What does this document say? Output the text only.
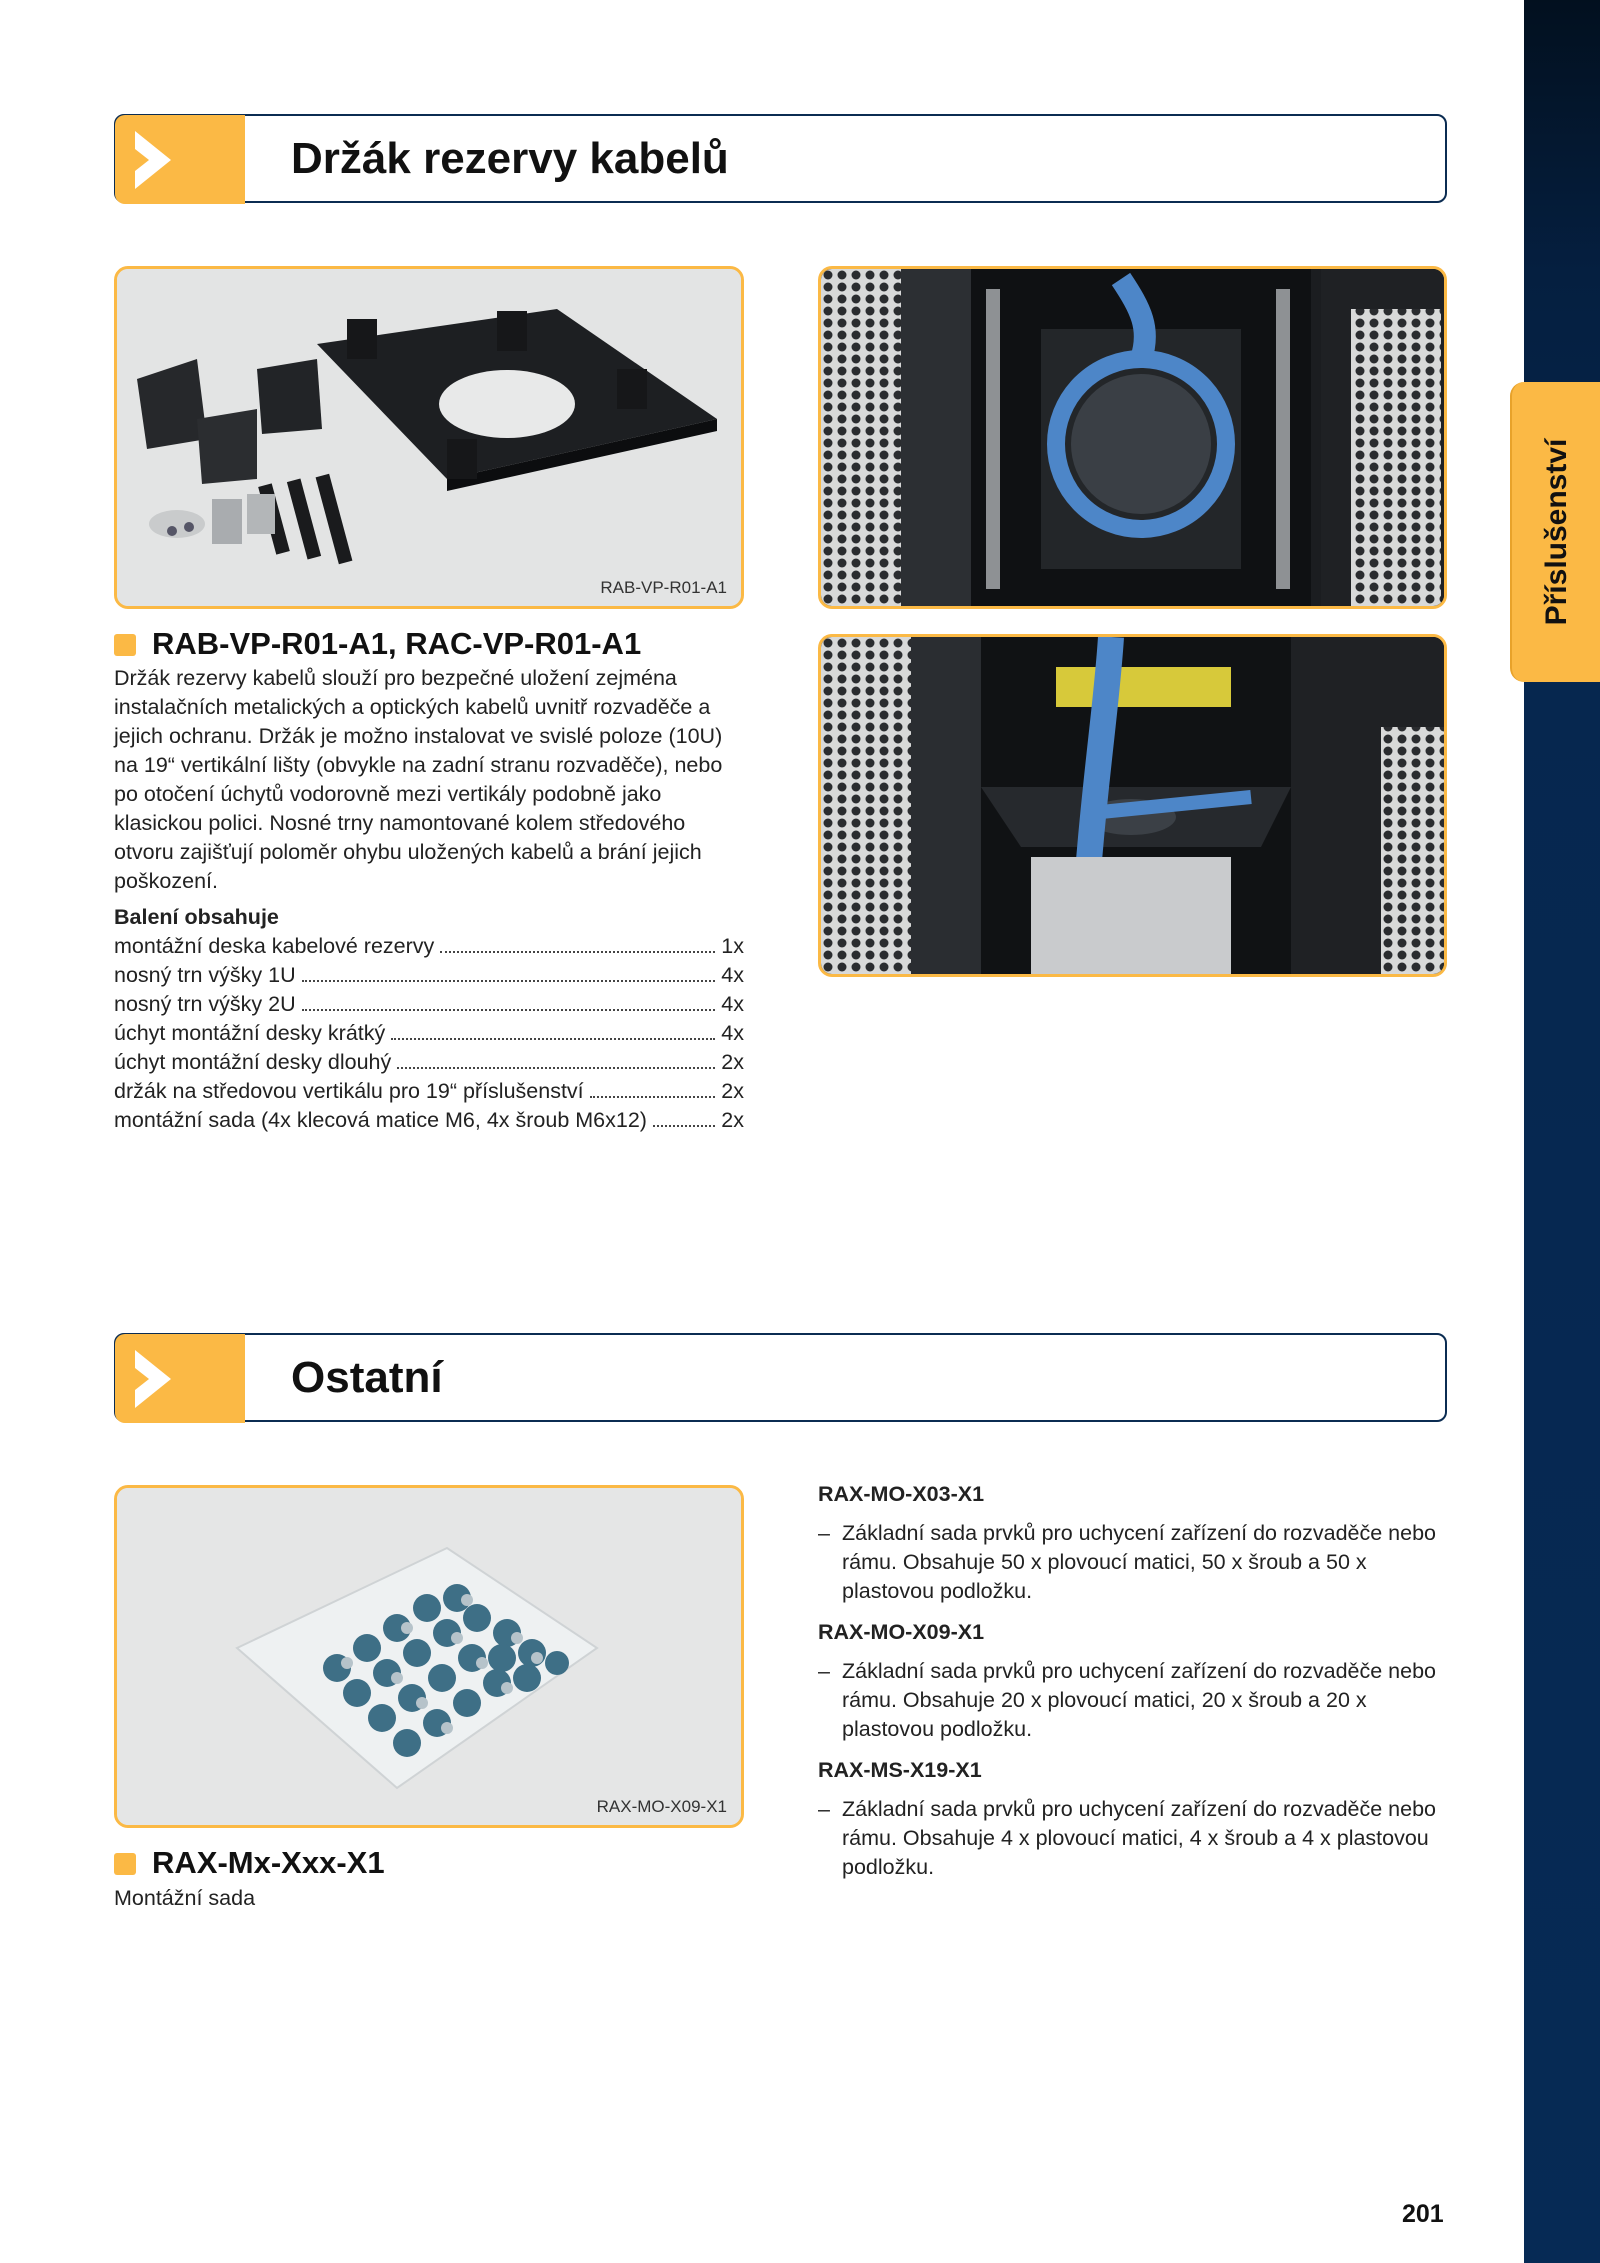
Příslušenství
Držák rezervy kabelů
RAB-VP-R01-A1
RAB-VP-R01-A1, RAC-VP-R01-A1
Držák rezervy kabelů slouží pro bezpečné uložení zejména instalačních metalických a optických kabelů uvnitř rozvaděče a jejich ochranu. Držák je možno instalovat ve svislé poloze (10U) na 19“ vertikální lišty (obvykle na zadní stranu rozvaděče), nebo po otočení úchytů vodorovně mezi vertikály podobně jako klasickou polici. Nosné trny namontované kolem středového otvoru zajišťují poloměr ohybu uložených kabelů a brání jejich poškození.
Balení obsahuje
montážní deska kabelové rezervy	1x
nosný trn výšky 1U	4x
nosný trn výšky 2U	4x
úchyt montážní desky krátký	4x
úchyt montážní desky dlouhý	2x
držák na středovou vertikálu pro 19“ příslušenství	2x
montážní sada (4x klecová matice M6, 4x šroub M6x12)	2x
Ostatní
RAX-MO-X09-X1
RAX-Mx-Xxx-X1
Montážní sada
RAX-MO-X03-X1
– Základní sada prvků pro uchycení zařízení do rozvaděče nebo rámu. Obsahuje 50 x plovoucí matici, 50 x šroub a 50 x plastovou podložku.
RAX-MO-X09-X1
– Základní sada prvků pro uchycení zařízení do rozvaděče nebo rámu. Obsahuje 20 x plovoucí matici, 20 x šroub a 20 x plastovou podložku.
RAX-MS-X19-X1
– Základní sada prvků pro uchycení zařízení do rozvaděče nebo rámu. Obsahuje 4 x plovoucí matici, 4 x šroub a 4 x plastovou podložku.
201
